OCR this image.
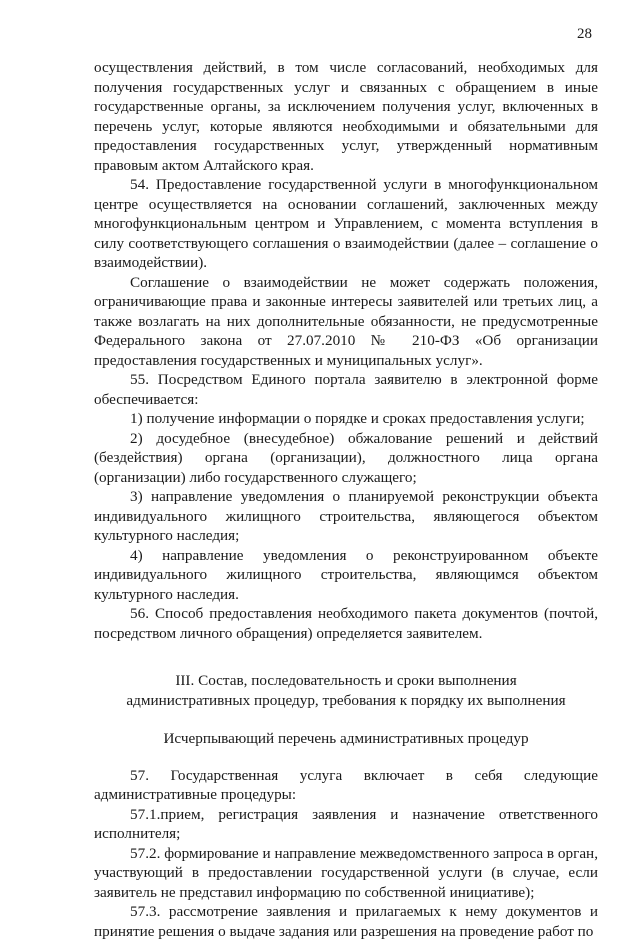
28

осуществления действий, в том числе согласований, необходимых для получения государственных услуг и связанных с обращением в иные государственные органы, за исключением получения услуг, включенных в перечень услуг, которые являются необходимыми и обязательными для предоставления государственных услуг, утвержденный нормативным правовым актом Алтайского края.

54. Предоставление государственной услуги в многофункциональном центре осуществляется на основании соглашений, заключенных между многофункциональным центром и Управлением, с момента вступления в силу соответствующего соглашения о взаимодействии (далее – соглашение о взаимодействии).

Соглашение о взаимодействии не может содержать положения, ограничивающие права и законные интересы заявителей или третьих лиц, а также возлагать на них дополнительные обязанности, не предусмотренные Федерального закона от 27.07.2010 № 210-ФЗ «Об организации предоставления государственных и муниципальных услуг».

55. Посредством Единого портала заявителю в электронной форме обеспечивается:

1) получение информации о порядке и сроках предоставления услуги;

2) досудебное (внесудебное) обжалование решений и действий (бездействия) органа (организации), должностного лица органа (организации) либо государственного служащего;

3) направление уведомления о планируемой реконструкции объекта индивидуального жилищного строительства, являющегося объектом культурного наследия;

4) направление уведомления о реконструированном объекте индивидуального жилищного строительства, являющимся объектом культурного наследия.

56. Способ предоставления необходимого пакета документов (почтой, посредством личного обращения) определяется заявителем.

III. Состав, последовательность и сроки выполнения

административных процедур, требования к порядку их выполнения

Исчерпывающий перечень административных процедур

57. Государственная услуга включает в себя следующие административные процедуры:

57.1.прием, регистрация заявления и назначение ответственного исполнителя;

57.2. формирование и направление межведомственного запроса в орган, участвующий в предоставлении государственной услуги (в случае, если заявитель не представил информацию по собственной инициативе);

57.3. рассмотрение заявления и прилагаемых к нему документов и принятие решения о выдаче задания или разрешения на проведение работ по
